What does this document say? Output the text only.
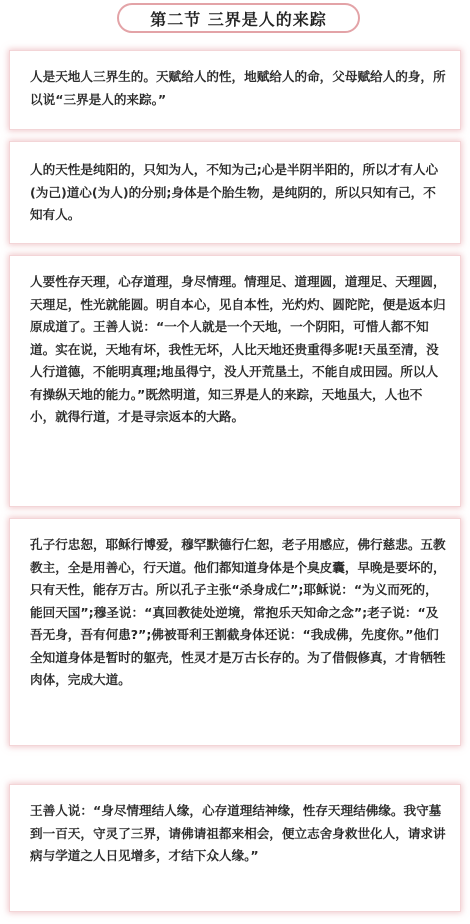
第二节 三界是人的来踪

人是天地人三界生的。天赋给人的性，地赋给人的命，父母赋给人的身，所以说“三界是人的来踪。”

人的天性是纯阳的，只知为人，不知为己;心是半阴半阳的，所以才有人心(为己)道心(为人)的分别;身体是个胎生物，是纯阴的，所以只知有己，不知有人。

人要性存天理，心存道理，身尽情理。情理足、道理圆，道理足、天理圆，天理足，性光就能圆。明自本心，见自本性，光灼灼、圆陀陀，便是返本归原成道了。王善人说：“一个人就是一个天地，一个阴阳，可惜人都不知道。实在说，天地有坏，我性无坏，人比天地还贵重得多呢!天虽至清，没人行道德，不能明真理;地虽得宁，没人开荒垦土，不能自成田园。所以人有操纵天地的能力。”既然明道，知三界是人的来踪，天地虽大，人也不小，就得行道，才是寻宗返本的大路。

孔子行忠恕，耶稣行博爱，穆罕默德行仁恕，老子用感应，佛行慈悲。五教教主，全是用善心，行天道。他们都知道身体是个臭皮囊，早晚是要坏的，只有天性，能存万古。所以孔子主张“杀身成仁”;耶稣说：“为义而死的，能回天国”;穆圣说：“真回教徒处逆境，常抱乐天知命之念”;老子说：“及吾无身，吾有何患?”;佛被哥利王割截身体还说：“我成佛，先度你。”他们全知道身体是暂时的躯壳，性灵才是万古长存的。为了借假修真，才肯牺牲肉体，完成大道。

王善人说：“身尽情理结人缘，心存道理结神缘，性存天理结佛缘。我守墓到一百天，守灵了三界，请佛请祖都来相会，便立志舍身救世化人，请求讲病与学道之人日见增多，才结下众人缘。”
